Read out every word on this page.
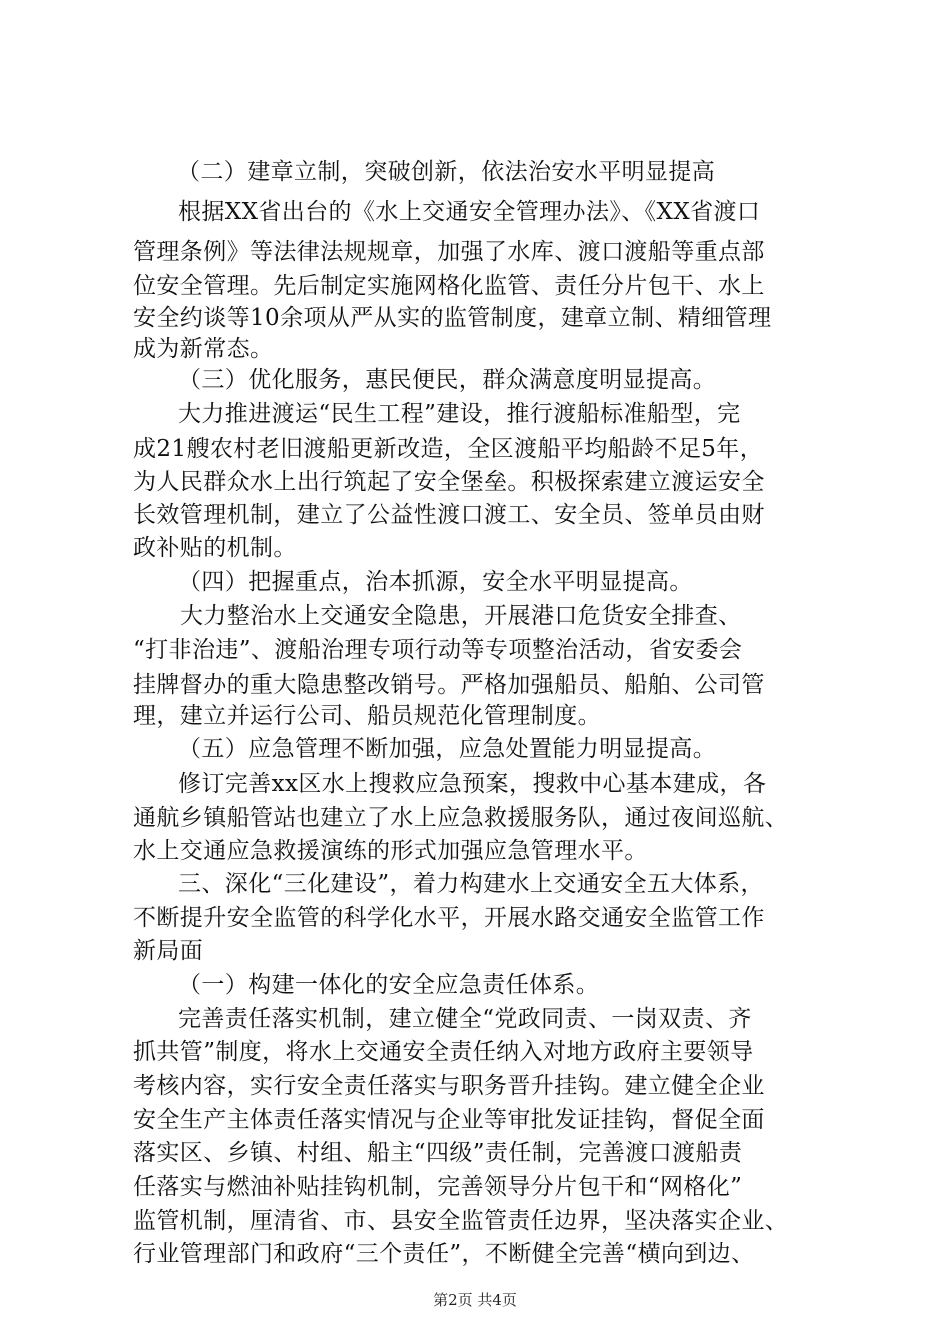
（二）建章立制，突破创新，依法治安水平明显提高
根据XX省出台的《水上交通安全管理办法》、《XX省渡口
管理条例》等法律法规规章，加强了水库、渡口渡船等重点部
位安全管理。先后制定实施网格化监管、责任分片包干、水上
安全约谈等10余项从严从实的监管制度，建章立制、精细管理
成为新常态。
（三）优化服务，惠民便民，群众满意度明显提高。
大力推进渡运“民生工程”建设，推行渡船标准船型，完
成21艘农村老旧渡船更新改造，全区渡船平均船龄不足5年，
为人民群众水上出行筑起了安全堡垒。积极探索建立渡运安全
长效管理机制，建立了公益性渡口渡工、安全员、签单员由财
政补贴的机制。
（四）把握重点，治本抓源，安全水平明显提高。
大力整治水上交通安全隐患，开展港口危货安全排查、
“打非治违”、渡船治理专项行动等专项整治活动，省安委会
挂牌督办的重大隐患整改销号。严格加强船员、船舶、公司管
理，建立并运行公司、船员规范化管理制度。
（五）应急管理不断加强，应急处置能力明显提高。
修订完善xx区水上搜救应急预案，搜救中心基本建成，各
通航乡镇船管站也建立了水上应急救援服务队，通过夜间巡航、
水上交通应急救援演练的形式加强应急管理水平。
三、深化“三化建设”，着力构建水上交通安全五大体系，
不断提升安全监管的科学化水平，开展水路交通安全监管工作
新局面
（一）构建一体化的安全应急责任体系。
完善责任落实机制，建立健全“党政同责、一岗双责、齐
抓共管”制度，将水上交通安全责任纳入对地方政府主要领导
考核内容，实行安全责任落实与职务晋升挂钩。建立健全企业
安全生产主体责任落实情况与企业等审批发证挂钩，督促全面
落实区、乡镇、村组、船主“四级”责任制，完善渡口渡船责
任落实与燃油补贴挂钩机制，完善领导分片包干和“网格化”
监管机制，厘清省、市、县安全监管责任边界，坚决落实企业、
行业管理部门和政府“三个责任”，不断健全完善“横向到边、
第2页 共4页
